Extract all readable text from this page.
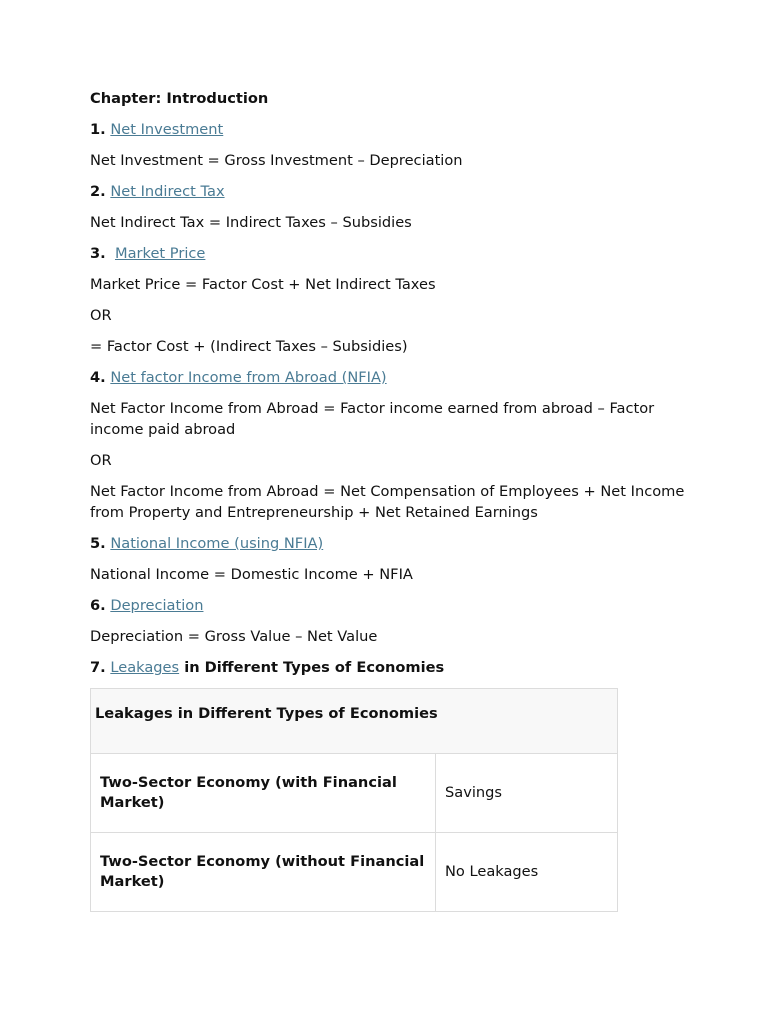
Chapter: Introduction
1. Net Investment
Net Investment = Gross Investment – Depreciation
2. Net Indirect Tax
Net Indirect Tax = Indirect Taxes – Subsidies
3. Market Price
Market Price = Factor Cost + Net Indirect Taxes
OR
= Factor Cost + (Indirect Taxes – Subsidies)
4. Net factor Income from Abroad (NFIA)
Net Factor Income from Abroad = Factor income earned from abroad – Factor income paid abroad
OR
Net Factor Income from Abroad = Net Compensation of Employees + Net Income from Property and Entrepreneurship + Net Retained Earnings
5. National Income (using NFIA)
National Income = Domestic Income + NFIA
6. Depreciation
Depreciation = Gross Value – Net Value
7. Leakages in Different Types of Economies
Leakages in Different Types of Economies	
Two-Sector Economy (with Financial Market)	Savings
Two-Sector Economy (without Financial Market)	No Leakages
